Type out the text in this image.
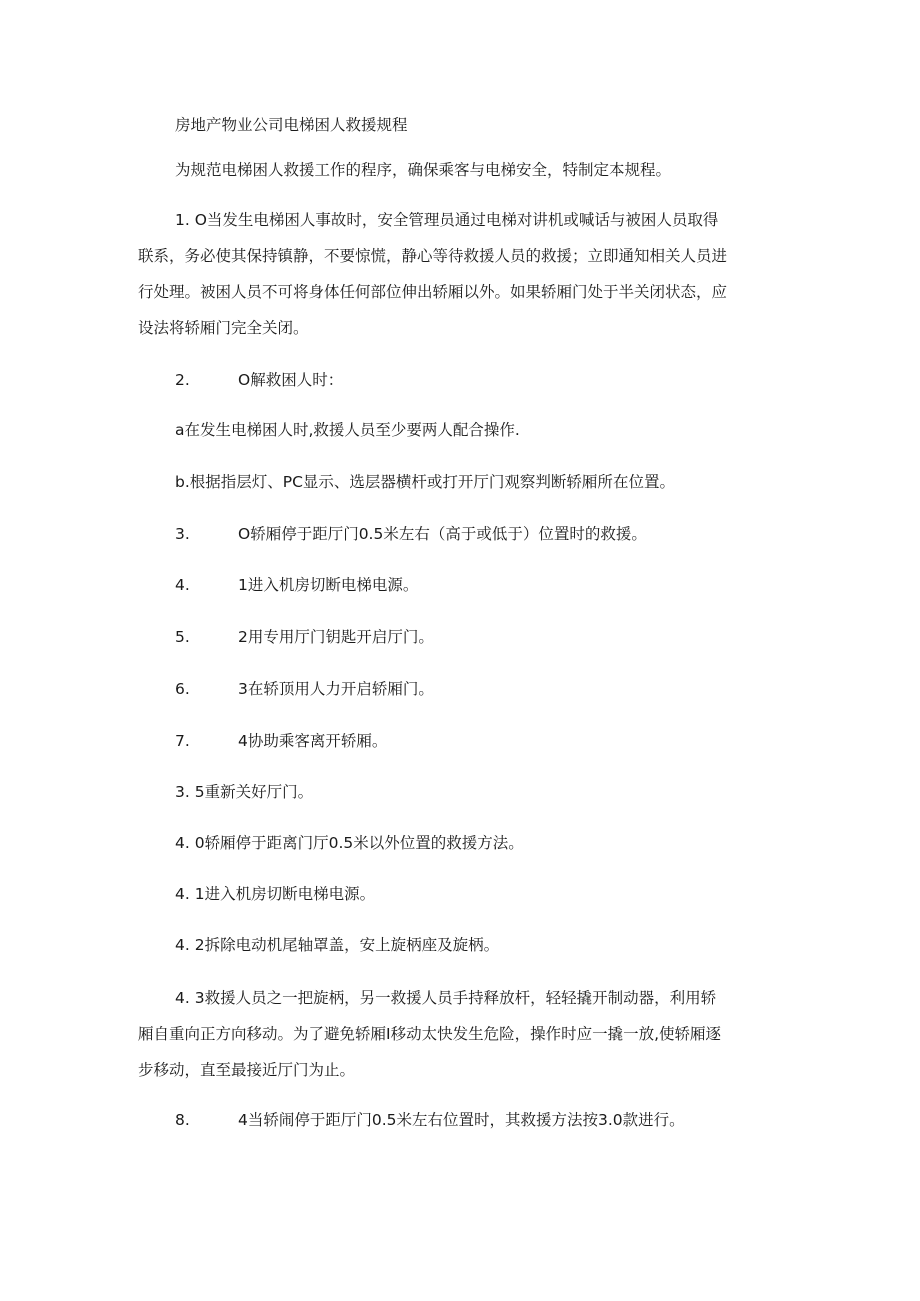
房地产物业公司电梯困人救援规程
为规范电梯困人救援工作的程序，确保乘客与电梯安全，特制定本规程。
1. O当发生电梯困人事故时，安全管理员通过电梯对讲机或喊话与被困人员取得
联系，务必使其保持镇静，不要惊慌，静心等待救援人员的救援；立即通知相关人员进
行处理。被困人员不可将身体任何部位伸出轿厢以外。如果轿厢门处于半关闭状态，应
设法将轿厢门完全关闭。
2.	O解救困人时：
a在发生电梯困人时,救援人员至少要两人配合操作.
b.根据指层灯、PC显示、选层器横杆或打开厅门观察判断轿厢所在位置。
3.	O轿厢停于距厅门0.5米左右（高于或低于）位置时的救援。
4.	1进入机房切断电梯电源。
5.	2用专用厅门钥匙开启厅门。
6.	3在轿顶用人力开启轿厢门。
7.	4协助乘客离开轿厢。
3. 5重新关好厅门。
4. 0轿厢停于距离门厅0.5米以外位置的救援方法。
4. 1进入机房切断电梯电源。
4. 2拆除电动机尾轴罩盖，安上旋柄座及旋柄。
4. 3救援人员之一把旋柄，另一救援人员手持释放杆，轻轻撬开制动器，利用轿
厢自重向正方向移动。为了避免轿厢I移动太快发生危险，操作时应一撬一放,使轿厢逐
步移动，直至最接近厅门为止。
8.	4当轿闹停于距厅门0.5米左右位置时，其救援方法按3.0款进行。
